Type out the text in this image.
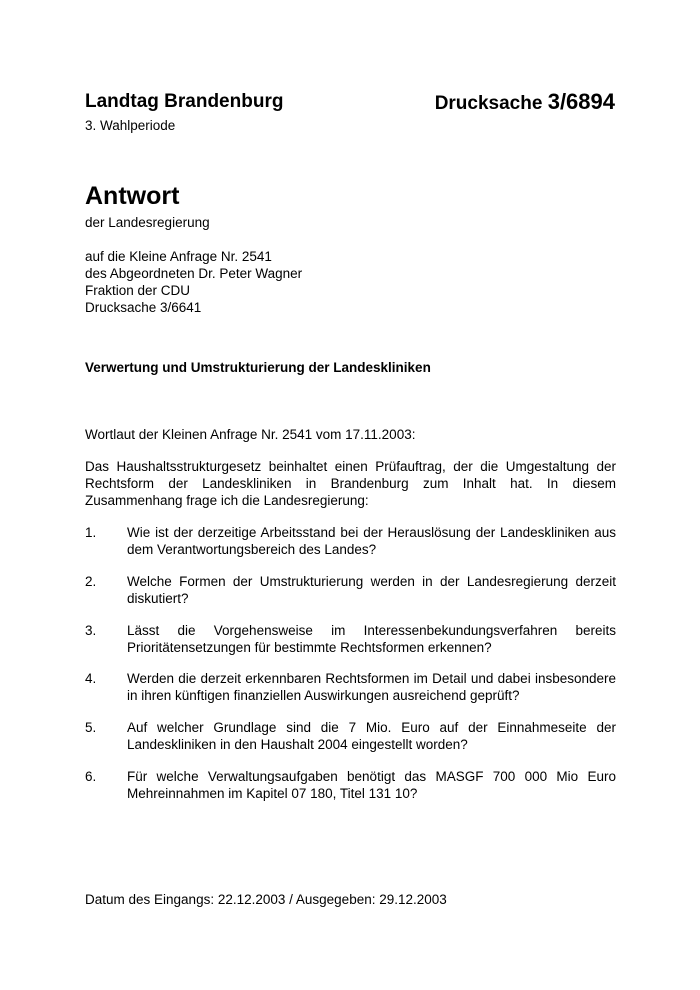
Landtag Brandenburg	Drucksache 3/6894
3. Wahlperiode
Antwort
der Landesregierung
auf die Kleine Anfrage Nr. 2541
des Abgeordneten Dr. Peter Wagner
Fraktion der CDU
Drucksache 3/6641
Verwertung und Umstrukturierung der Landeskliniken
Wortlaut der Kleinen Anfrage Nr. 2541 vom 17.11.2003:
Das Haushaltsstrukturgesetz beinhaltet einen Prüfauftrag, der die Umgestaltung der Rechtsform der Landeskliniken in Brandenburg zum Inhalt hat. In diesem Zusammenhang frage ich die Landesregierung:
1. Wie ist der derzeitige Arbeitsstand bei der Herauslösung der Landeskliniken aus dem Verantwortungsbereich des Landes?
2. Welche Formen der Umstrukturierung werden in der Landesregierung derzeit diskutiert?
3. Lässt die Vorgehensweise im Interessenbekundungsverfahren bereits Prioritätensetzungen für bestimmte Rechtsformen erkennen?
4. Werden die derzeit erkennbaren Rechtsformen im Detail und dabei insbesondere in ihren künftigen finanziellen Auswirkungen ausreichend geprüft?
5. Auf welcher Grundlage sind die 7 Mio. Euro auf der Einnahmeseite der Landeskliniken in den Haushalt 2004 eingestellt worden?
6. Für welche Verwaltungsaufgaben benötigt das MASGF 700 000 Mio Euro Mehreinnahmen im Kapitel 07 180, Titel 131 10?
Datum des Eingangs: 22.12.2003 / Ausgegeben: 29.12.2003
